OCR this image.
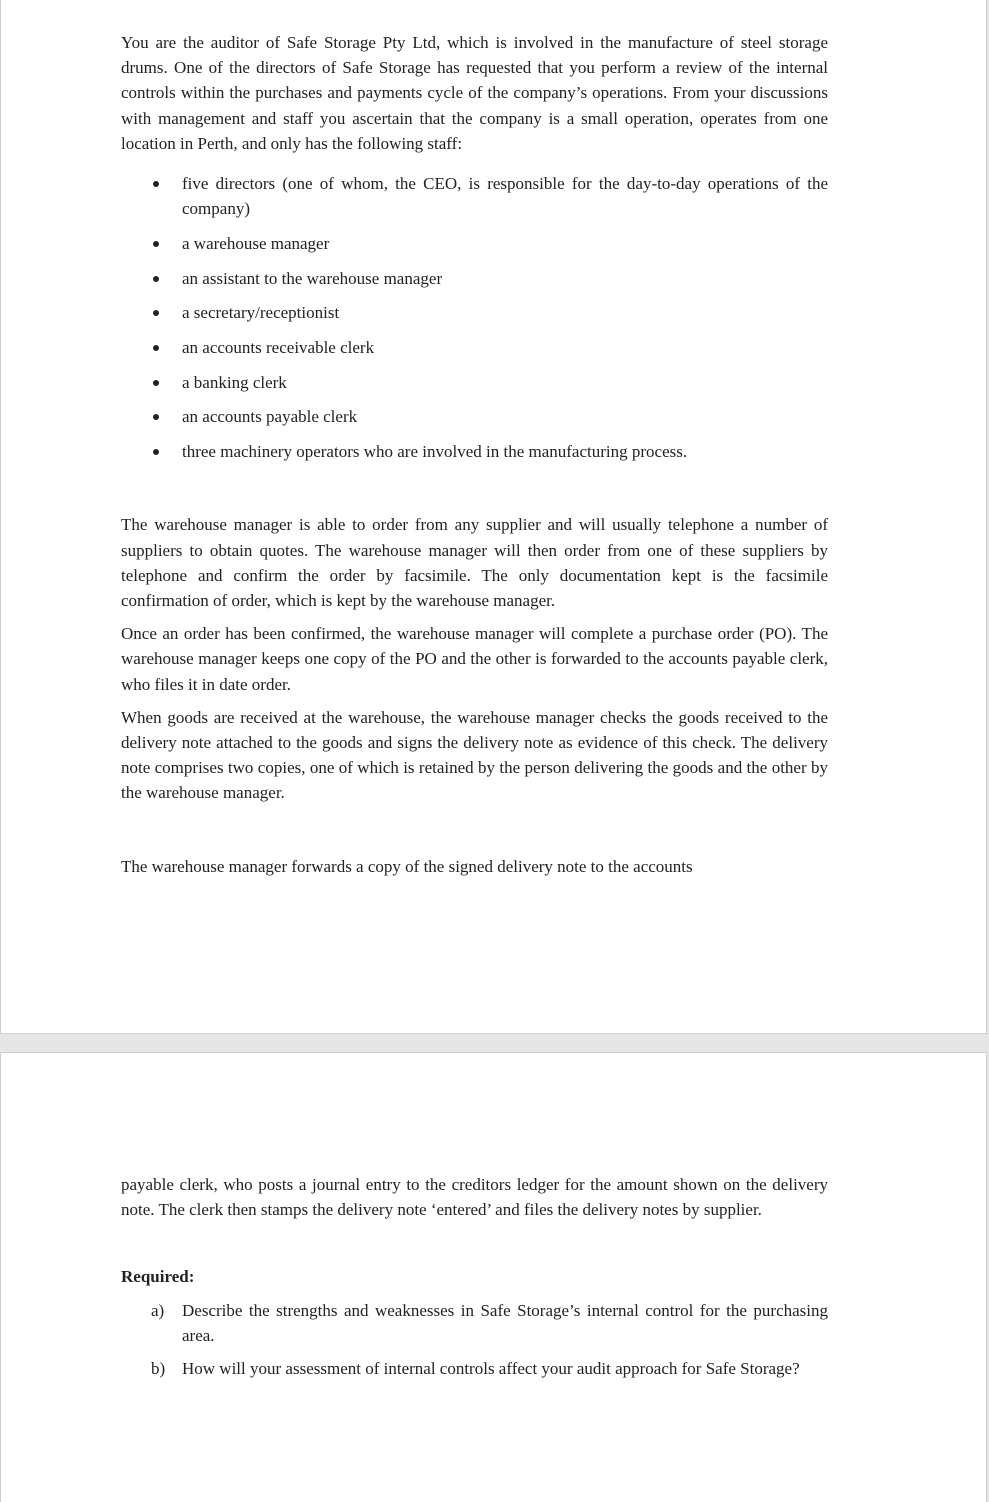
You are the auditor of Safe Storage Pty Ltd, which is involved in the manufacture of steel storage drums. One of the directors of Safe Storage has requested that you perform a review of the internal controls within the purchases and payments cycle of the company’s operations. From your discussions with management and staff you ascertain that the company is a small operation, operates from one location in Perth, and only has the following staff:

five directors (one of whom, the CEO, is responsible for the day-to-day operations of the company)
a warehouse manager
an assistant to the warehouse manager
a secretary/receptionist
an accounts receivable clerk
a banking clerk
an accounts payable clerk
three machinery operators who are involved in the manufacturing process.

The warehouse manager is able to order from any supplier and will usually telephone a number of suppliers to obtain quotes. The warehouse manager will then order from one of these suppliers by telephone and confirm the order by facsimile. The only documentation kept is the facsimile confirmation of order, which is kept by the warehouse manager.

Once an order has been confirmed, the warehouse manager will complete a purchase order (PO). The warehouse manager keeps one copy of the PO and the other is forwarded to the accounts payable clerk, who files it in date order.

When goods are received at the warehouse, the warehouse manager checks the goods received to the delivery note attached to the goods and signs the delivery note as evidence of this check. The delivery note comprises two copies, one of which is retained by the person delivering the goods and the other by the warehouse manager.

The warehouse manager forwards a copy of the signed delivery note to the accounts

payable clerk, who posts a journal entry to the creditors ledger for the amount shown on the delivery note. The clerk then stamps the delivery note ‘entered’ and files the delivery notes by supplier.

Required:

a) Describe the strengths and weaknesses in Safe Storage’s internal control for the purchasing area.
b) How will your assessment of internal controls affect your audit approach for Safe Storage?
